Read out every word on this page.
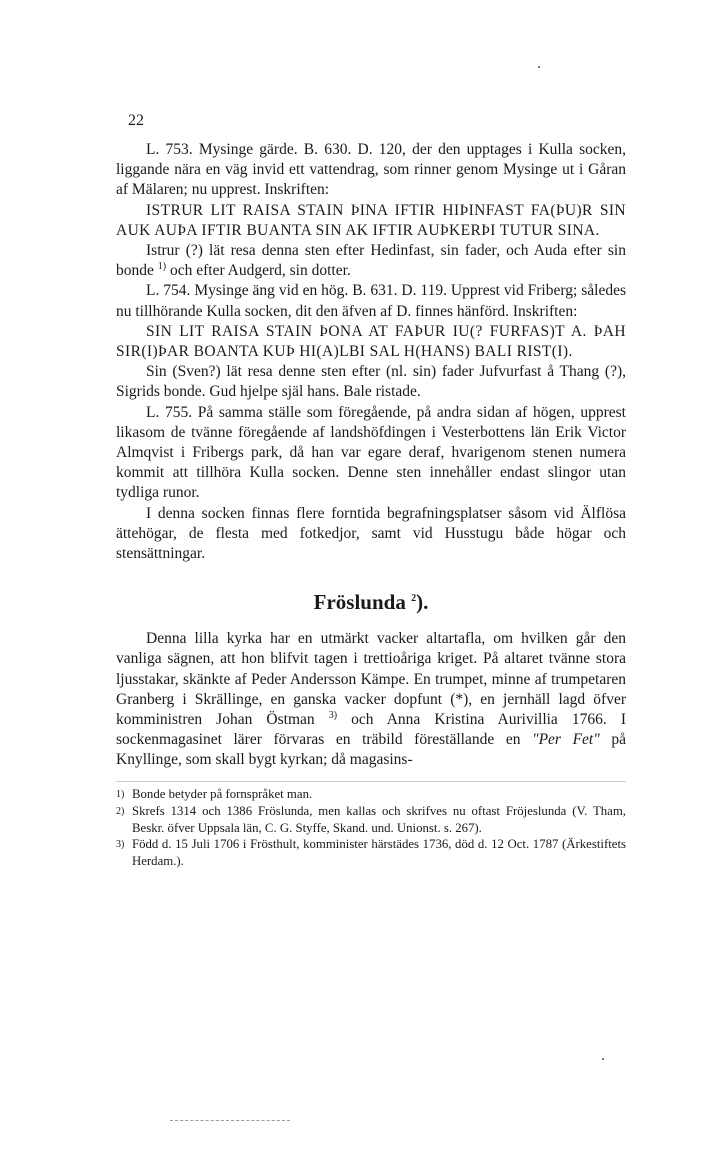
22

L. 753. Mysinge gärde. B. 630. D. 120, der den upptages i Kulla socken, liggande nära en väg invid ett vattendrag, som rinner genom Mysinge ut i Gåran af Mälaren; nu upprest. Inskriften:

ISTRUR LIT RAISA STAIN ÞINA IFTIR HIÞINFAST FA(ÞU)R SIN AUK AUÞA IFTIR BUANTA SIN AK IFTIR AUÞKERÞI TUTUR SINA.

Istrur (?) lät resa denna sten efter Hedinfast, sin fader, och Auda efter sin bonde $^{1)}$ och efter Audgerd, sin dotter.

L. 754. Mysinge äng vid en hög. B. 631. D. 119. Upprest vid Friberg; således nu tillhörande Kulla socken, dit den äfven af D. finnes hänförd. Inskriften:

SIN LIT RAISA STAIN ÞONA AT FAÞUR IU(? FURFAS)T A. ÞAH SIR(I)ÞAR BOANTA KUÞ HI(A)LBI SAL H(HANS) BALI RIST(I).

Sin (Sven?) lät resa denne sten efter (nl. sin) fader Jufvurfast å Thang (?), Sigrids bonde. Gud hjelpe själ hans. Bale ristade.

L. 755. På samma ställe som föregående, på andra sidan af högen, upprest likasom de tvänne föregående af landshöfdingen i Vesterbottens län Erik Victor Almqvist i Fribergs park, då han var egare deraf, hvarigenom stenen numera kommit att tillhöra Kulla socken. Denne sten innehåller endast slingor utan tydliga runor.

I denna socken finnas flere forntida begrafningsplatser såsom vid Älflösa ättehögar, de flesta med fotkedjor, samt vid Husstugu både högar och stensättningar.

Fröslunda $^2$).

Denna lilla kyrka har en utmärkt vacker altartafla, om hvilken går den vanliga sägnen, att hon blifvit tagen i trettioåriga kriget. På altaret tvänne stora ljusstakar, skänkte af Peder Andersson Kämpe. En trumpet, minne af trumpetaren Granberg i Skrällinge, en ganska vacker dopfunt (*), en jernhäll lagd öfver komministren Johan Östman $^{3)}$ och Anna Kristina Aurivillia 1766. I sockenmagasinet lärer förvaras en träbild föreställande en "Per Fet" på Knyllinge, som skall bygt kyrkan; då magasins-

1) Bonde betyder på fornspråket man.
2) Skrefs 1314 och 1386 Fröslunda, men kallas och skrifves nu oftast Fröjeslunda (V. Tham, Beskr. öfver Uppsala län, C. G. Styffe, Skand. und. Unionst. s. 267).
3) Född d. 15 Juli 1706 i Frösthult, komminister härstädes 1736, död d. 12 Oct. 1787 (Ärkestiftets Herdam.).
